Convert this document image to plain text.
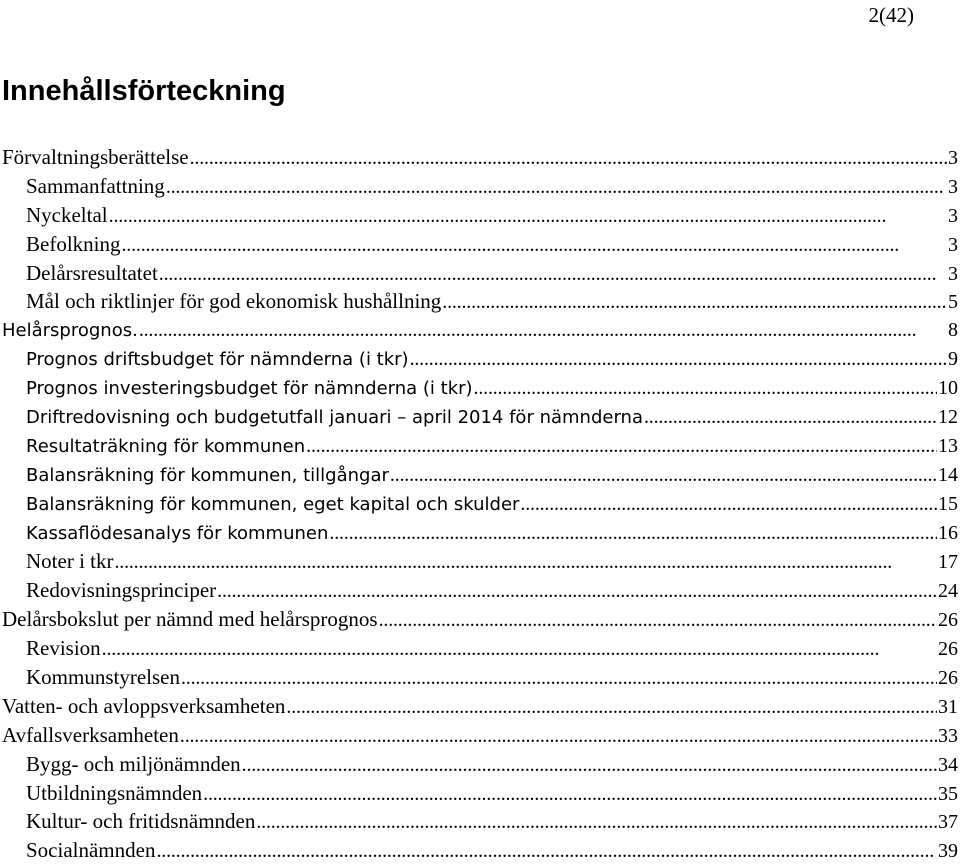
2(42)
Innehållsförteckning
Förvaltningsberättelse . . .	3
Sammanfattning . . .	3
Nyckeltal . . .	3
Befolkning . . .	3
Delårsresultatet . . .	3
Mål och riktlinjer för god ekonomisk hushållning . . .	5
Helårsprognos. . . .	8
Prognos driftsbudget för nämnderna (i tkr) . . .	9
Prognos investeringsbudget för nämnderna (i tkr) . . .	10
Driftredovisning och budgetutfall januari – april 2014 för nämnderna . . .	12
Resultaträkning för kommunen . . .	13
Balansräkning för kommunen, tillgångar . . .	14
Balansräkning för kommunen, eget kapital och skulder . . .	15
Kassaflödesanalys för kommunen . . .	16
Noter i tkr . . .	17
Redovisningsprinciper . . .	24
Delårsbokslut per nämnd med helårsprognos . . .	26
Revision . . .	26
Kommunstyrelsen . . .	26
Vatten- och avloppsverksamheten . . .	31
Avfallsverksamheten . . .	33
Bygg- och miljönämnden . . .	34
Utbildningsnämnden . . .	35
Kultur- och fritidsnämnden . . .	37
Socialnämnden . . .	39
